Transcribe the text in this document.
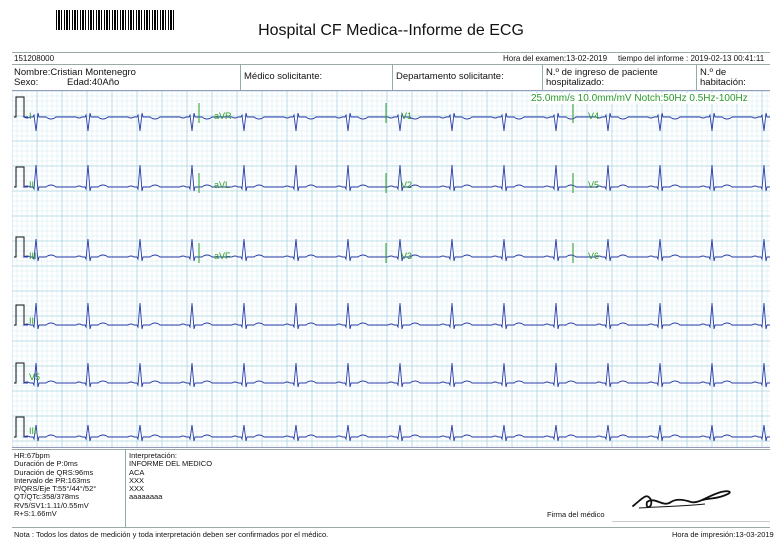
Hospital CF Medica--Informe de ECG
151208000	Hora del examen:13-02-2019 tiempo del informe : 2019-02-13 00:41:11
Nombre:Cristian Montenegro
Sexo:	Edad:40Año
Médico solicitante:	Departamento solicitante:	N.º de ingreso de paciente
hospitalizado:
N.º de
habitación:
25.0mm/s 10.0mm/mV Notch:50Hz 0.5Hz-100Hz
I
II
III
II
V5
III
aVR
aVL
aVF
V1
V2
V3
V4
V5
V6
HR:67bpm
Duración de P:0ms
Duración de QRS:96ms
Intervalo de PR:163ms
P/QRS/Eje T:55°/44°/52°
QT/QTc:358/378ms
RV5/SV1:1.11/0.55mV
R+S:1.66mV
Interpretación:
INFORME DEL MEDICO
ACA
XXX
XXX
aaaaaaaa
Firma del médico
Nota : Todos los datos de medición y toda interpretación deben ser confirmados por el médico.	Hora de impresión:13-03-2019
